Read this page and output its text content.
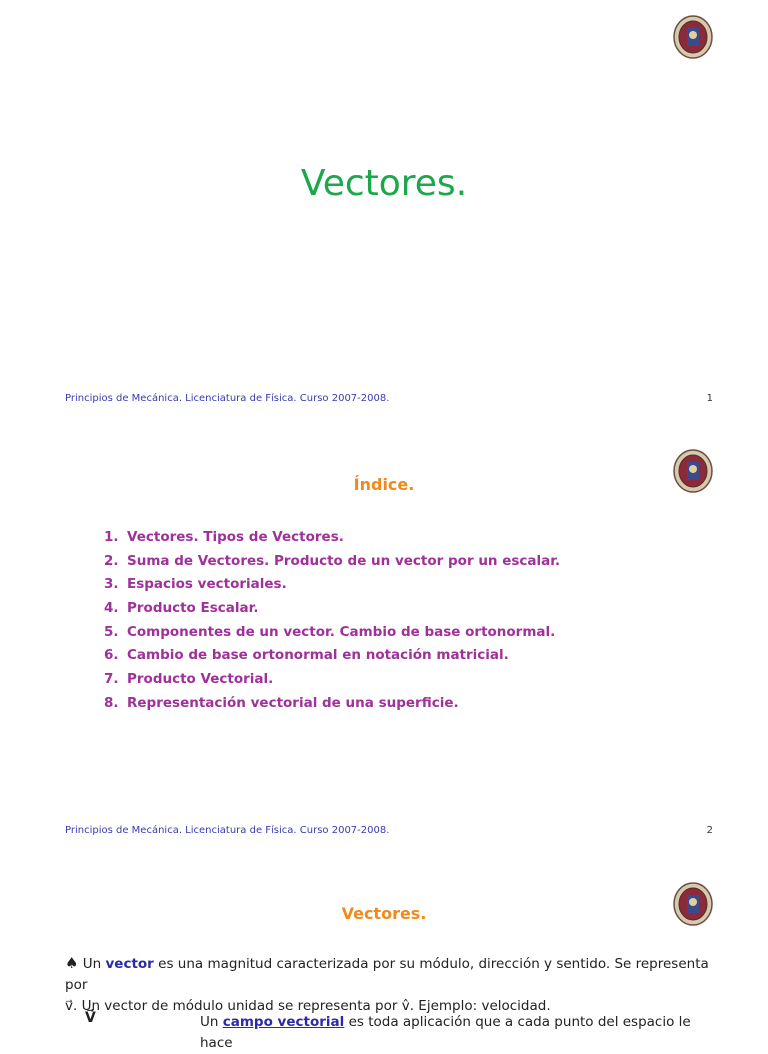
Vectores.
Principios de Mecánica. Licenciatura de Física. Curso 2007-2008.	1
Índice.
1. Vectores. Tipos de Vectores.
2. Suma de Vectores. Producto de un vector por un escalar.
3. Espacios vectoriales.
4. Producto Escalar.
5. Componentes de un vector. Cambio de base ortonormal.
6. Cambio de base ortonormal en notación matricial.
7. Producto Vectorial.
8. Representación vectorial de una superficie.
Principios de Mecánica. Licenciatura de Física. Curso 2007-2008.	2
Vectores.
♠ Un vector es una magnitud caracterizada por su módulo, dirección y sentido. Se representa por
v⃗. Un vector de módulo unidad se representa por v̂. Ejemplo: velocidad.
V⃗	Un campo vectorial es toda aplicación que a cada punto del espacio le hace
